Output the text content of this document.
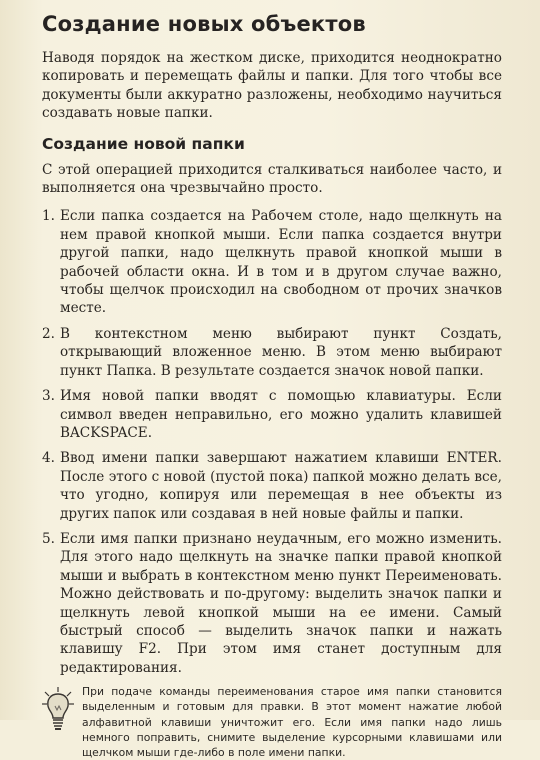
Создание новых объектов

Наводя порядок на жестком диске, приходится неоднократно копировать и перемещать файлы и папки. Для того чтобы все документы были аккуратно разложены, необходимо научиться создавать новые папки.

Создание новой папки

С этой операцией приходится сталкиваться наиболее часто, и выполняется она чрезвычайно просто.

1. Если папка создается на Рабочем столе, надо щелкнуть на нем правой кнопкой мыши. Если папка создается внутри другой папки, надо щелкнуть правой кнопкой мыши в рабочей области окна. И в том и в другом случае важно, чтобы щелчок происходил на свободном от прочих значков месте.
2. В контекстном меню выбирают пункт Создать, открывающий вложенное меню. В этом меню выбирают пункт Папка. В результате создается значок новой папки.
3. Имя новой папки вводят с помощью клавиатуры. Если символ введен неправильно, его можно удалить клавишей BACKSPACE.
4. Ввод имени папки завершают нажатием клавиши ENTER. После этого с новой (пустой пока) папкой можно делать все, что угодно, копируя или перемещая в нее объекты из других папок или создавая в ней новые файлы и папки.
5. Если имя папки признано неудачным, его можно изменить. Для этого надо щелкнуть на значке папки правой кнопкой мыши и выбрать в контекстном меню пункт Переименовать. Можно действовать и по-другому: выделить значок папки и щелкнуть левой кнопкой мыши на ее имени. Самый быстрый способ — выделить значок папки и нажать клавишу F2. При этом имя станет доступным для редактирования.
При подаче команды переименования старое имя папки становится выделенным и готовым для правки. В этот момент нажатие любой алфавитной клавиши уничтожит его. Если имя папки надо лишь немного поправить, снимите выделение курсорными клавишами или щелчком мыши где-либо в поле имени папки.
